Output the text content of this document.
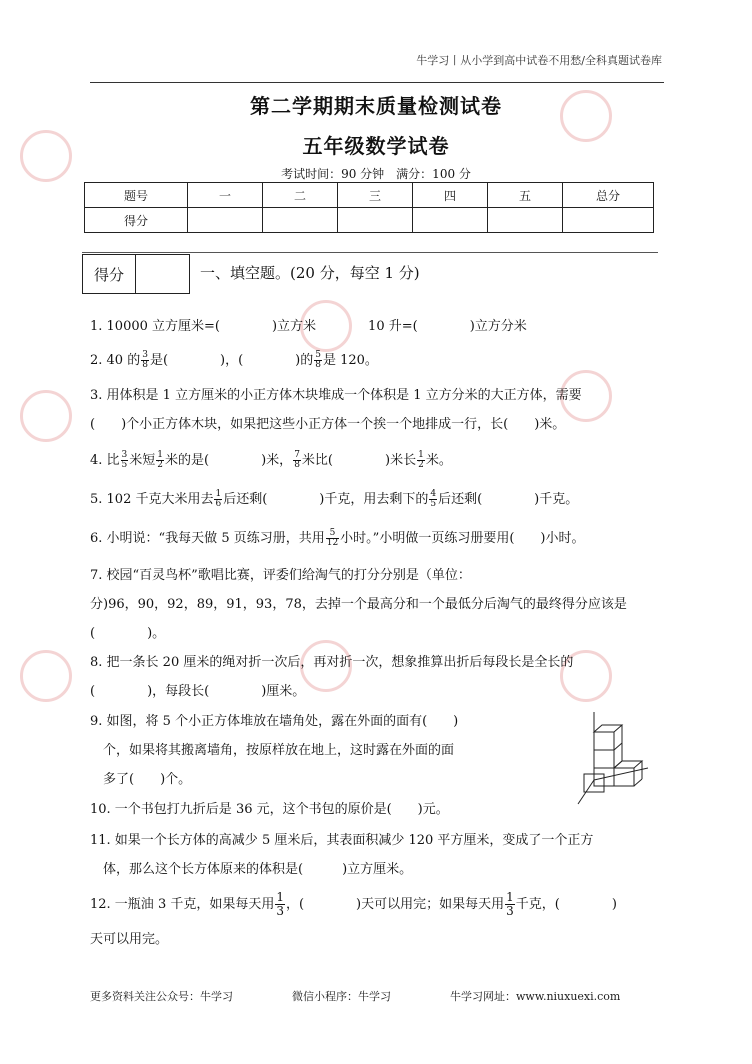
牛学习丨从小学到高中试卷不用愁/全科真题试卷库
第二学期期末质量检测试卷
五年级数学试卷
考试时间：90 分钟　满分：100 分
题号	一	二	三	四	五	总分
得分						
得分	一、填空题。(20 分，每空 1 分)
1. 10000 立方厘米=(　　　　)立方米　　　　10 升=(　　　　)立方分米
2. 40 的 $\frac{3}{8}$ 是(　　　　)，(　　　　)的 $\frac{5}{8}$ 是 120。
3. 用体积是 1 立方厘米的小正方体木块堆成一个体积是 1 立方分米的大正方体，需要
(　　)个小正方体木块，如果把这些小正方体一个挨一个地排成一行，长(　　)米。
4. 比 $\frac{3}{5}$ 米短 $\frac{1}{2}$ 米的是(　　　　)米， $\frac{7}{8}$ 米比(　　　　)米长 $\frac{1}{2}$ 米。
5. 102 千克大米用去 $\frac{1}{6}$ 后还剩(　　　　)千克，用去剩下的 $\frac{4}{5}$ 后还剩(　　　　)千克。
6. 小明说：“我每天做 5 页练习册，共用 $\frac{5}{12}$ 小时。”小明做一页练习册要用(　　)小时。
7. 校园“百灵鸟杯”歌唱比赛，评委们给淘气的打分分别是（单位：
分)96，90，92，89，91，93，78，去掉一个最高分和一个最低分后淘气的最终得分应该是
(　　　　)。
8. 把一条长 20 厘米的绳对折一次后，再对折一次，想象推算出折后每段长是全长的
(　　　　)，每段长(　　　　)厘米。
9. 如图，将 5 个小正方体堆放在墙角处，露在外面的面有(　　)
　个，如果将其搬离墙角，按原样放在地上，这时露在外面的面
　多了(　　)个。
10. 一个书包打九折后是 36 元，这个书包的原价是(　　)元。
11. 如果一个长方体的高减少 5 厘米后，其表面积减少 120 平方厘米，变成了一个正方
　体，那么这个长方体原来的体积是(　　　)立方厘米。
12. 一瓶油 3 千克，如果每天用 $\frac{1}{3}$ ，(　　　　)天可以用完；如果每天用 $\frac{1}{3}$ 千克，(　　　　)
天可以用完。
更多资料关注公众号：牛学习	微信小程序：牛学习	牛学习网址：www.niuxuexi.com
